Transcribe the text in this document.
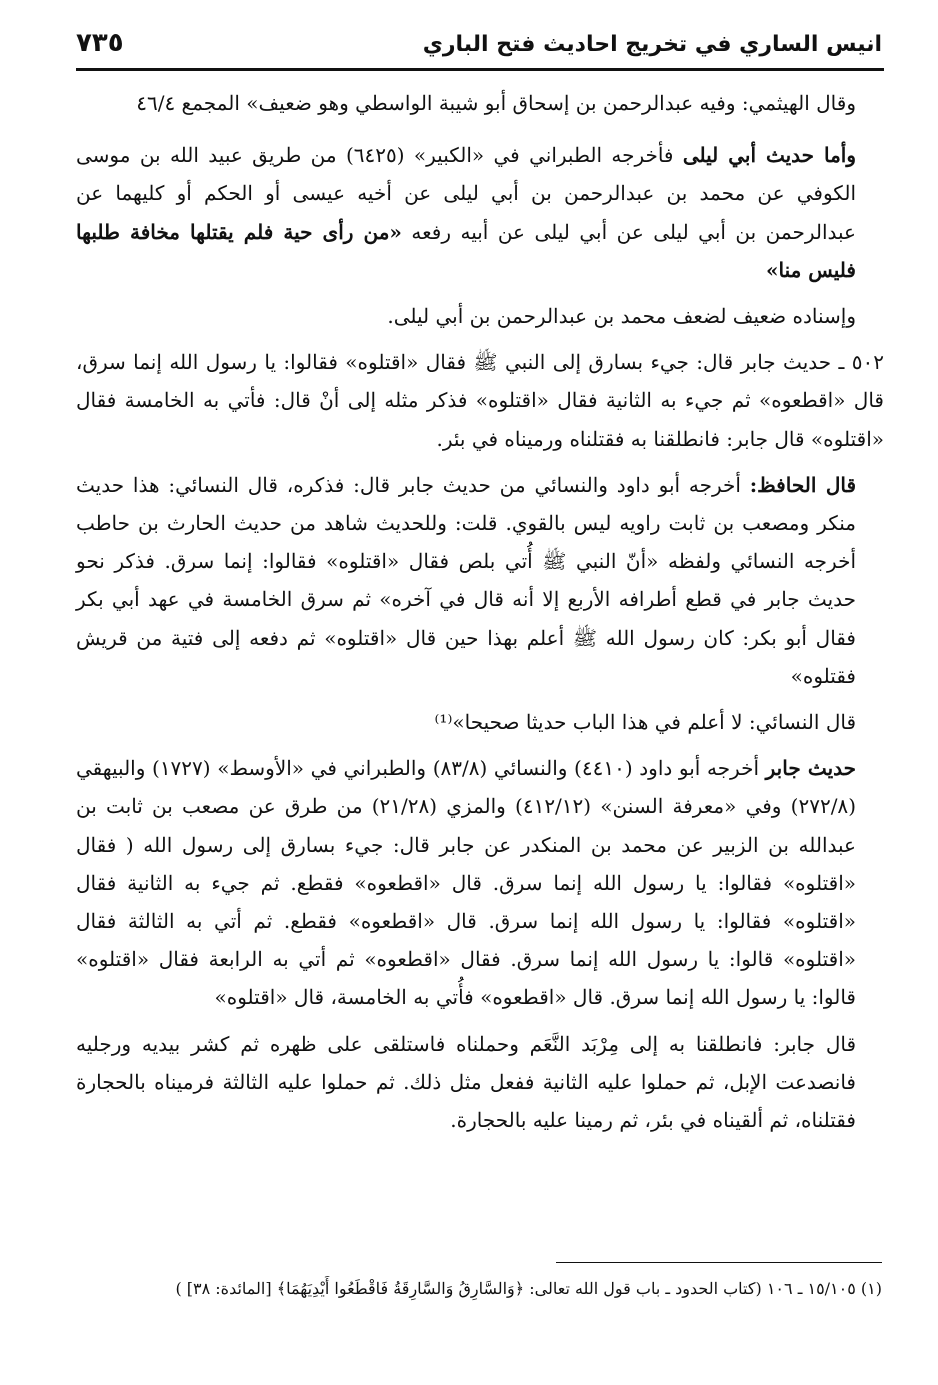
انيس الساري في تخريج احاديث فتح الباري
٧٣٥

وقال الهيثمي: وفيه عبدالرحمن بن إسحاق أبو شيبة الواسطي وهو ضعيف» المجمع ٤٦/٤

وأما حديث أبي ليلى فأخرجه الطبراني في «الكبير» (٦٤٢٥) من طريق عبيد الله بن موسى الكوفي عن محمد بن عبدالرحمن بن أبي ليلى عن أخيه عيسى أو الحكم أو كليهما عن عبدالرحمن بن أبي ليلى عن أبي ليلى عن أبيه رفعه «من رأى حية فلم يقتلها مخافة طلبها فليس منا»

وإسناده ضعيف لضعف محمد بن عبدالرحمن بن أبي ليلى.

٥٠٢ ـ حديث جابر قال: جيء بسارق إلى النبي ﷺ فقال «اقتلوه» فقالوا: يا رسول الله إنما سرق، قال «اقطعوه» ثم جيء به الثانية فقال «اقتلوه» فذكر مثله إلى أنْ قال: فأتي به الخامسة فقال «اقتلوه» قال جابر: فانطلقنا به فقتلناه ورميناه في بئر.

قال الحافظ: أخرجه أبو داود والنسائي من حديث جابر قال: فذكره، قال النسائي: هذا حديث منكر ومصعب بن ثابت راويه ليس بالقوي. قلت: وللحديث شاهد من حديث الحارث بن حاطب أخرجه النسائي ولفظه «أنّ النبي ﷺ أُتي بلص فقال «اقتلوه» فقالوا: إنما سرق. فذكر نحو حديث جابر في قطع أطرافه الأربع إلا أنه قال في آخره» ثم سرق الخامسة في عهد أبي بكر فقال أبو بكر: كان رسول الله ﷺ أعلم بهذا حين قال «اقتلوه» ثم دفعه إلى فتية من قريش فقتلوه»

قال النسائي: لا أعلم في هذا الباب حديثا صحيحا»⁽¹⁾

حديث جابر أخرجه أبو داود (٤٤١٠) والنسائي (٨٣/٨) والطبراني في «الأوسط» (١٧٢٧) والبيهقي (٢٧٢/٨) وفي «معرفة السنن» (٤١٢/١٢) والمزي (٢١/٢٨) من طرق عن مصعب بن ثابت بن عبدالله بن الزبير عن محمد بن المنكدر عن جابر قال: جيء بسارق إلى رسول الله ( فقال «اقتلوه» فقالوا: يا رسول الله إنما سرق. قال «اقطعوه» فقطع. ثم جيء به الثانية فقال «اقتلوه» فقالوا: يا رسول الله إنما سرق. قال «اقطعوه» فقطع. ثم أتي به الثالثة فقال «اقتلوه» قالوا: يا رسول الله إنما سرق. فقال «اقطعوه» ثم أتي به الرابعة فقال «اقتلوه» قالوا: يا رسول الله إنما سرق. قال «اقطعوه» فأُتي به الخامسة، قال «اقتلوه»

قال جابر: فانطلقنا به إلى مِرْبَد النَّعَم وحملناه فاستلقى على ظهره ثم كشر بيديه ورجليه فانصدعت الإبل، ثم حملوا عليه الثانية ففعل مثل ذلك. ثم حملوا عليه الثالثة فرميناه بالحجارة فقتلناه، ثم ألقيناه في بئر، ثم رمينا عليه بالحجارة.

(١) ١٥/١٠٥ ـ ١٠٦ (كتاب الحدود ـ باب قول الله تعالى: ﴿وَالسَّارِقُ وَالسَّارِقَةُ فَاقْطَعُوا أَيْدِيَهُمَا﴾ [المائدة: ٣٨] )
